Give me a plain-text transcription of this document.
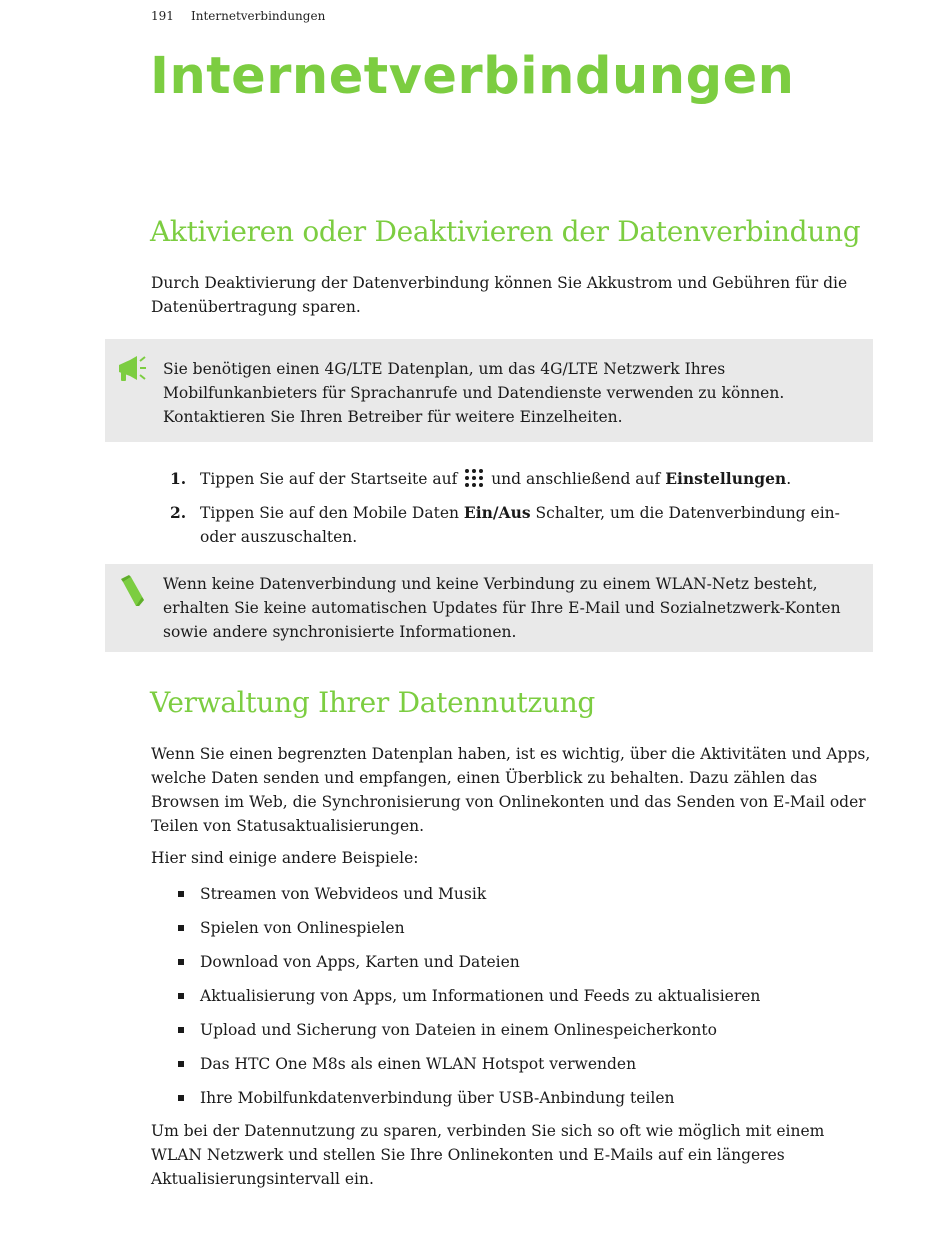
191 Internetverbindungen
Internetverbindungen
Aktivieren oder Deaktivieren der Datenverbindung

Durch Deaktivierung der Datenverbindung können Sie Akkustrom und Gebühren für die Datenübertragung sparen.

Sie benötigen einen 4G/LTE Datenplan, um das 4G/LTE Netzwerk Ihres Mobilfunkanbieters für Sprachanrufe und Datendienste verwenden zu können. Kontaktieren Sie Ihren Betreiber für weitere Einzelheiten.

1. Tippen Sie auf der Startseite auf und anschließend auf Einstellungen.
2. Tippen Sie auf den Mobile Daten Ein/Aus Schalter, um die Datenverbindung ein- oder auszuschalten.

Wenn keine Datenverbindung und keine Verbindung zu einem WLAN-Netz besteht, erhalten Sie keine automatischen Updates für Ihre E-Mail und Sozialnetzwerk-Konten sowie andere synchronisierte Informationen.

Verwaltung Ihrer Datennutzung

Wenn Sie einen begrenzten Datenplan haben, ist es wichtig, über die Aktivitäten und Apps, welche Daten senden und empfangen, einen Überblick zu behalten. Dazu zählen das Browsen im Web, die Synchronisierung von Onlinekonten und das Senden von E-Mail oder Teilen von Statusaktualisierungen.

Hier sind einige andere Beispiele:

Streamen von Webvideos und Musik
Spielen von Onlinespielen
Download von Apps, Karten und Dateien
Aktualisierung von Apps, um Informationen und Feeds zu aktualisieren
Upload und Sicherung von Dateien in einem Onlinespeicherkonto
Das HTC One M8s als einen WLAN Hotspot verwenden
Ihre Mobilfunkdatenverbindung über USB-Anbindung teilen

Um bei der Datennutzung zu sparen, verbinden Sie sich so oft wie möglich mit einem WLAN Netzwerk und stellen Sie Ihre Onlinekonten und E-Mails auf ein längeres Aktualisierungsintervall ein.
